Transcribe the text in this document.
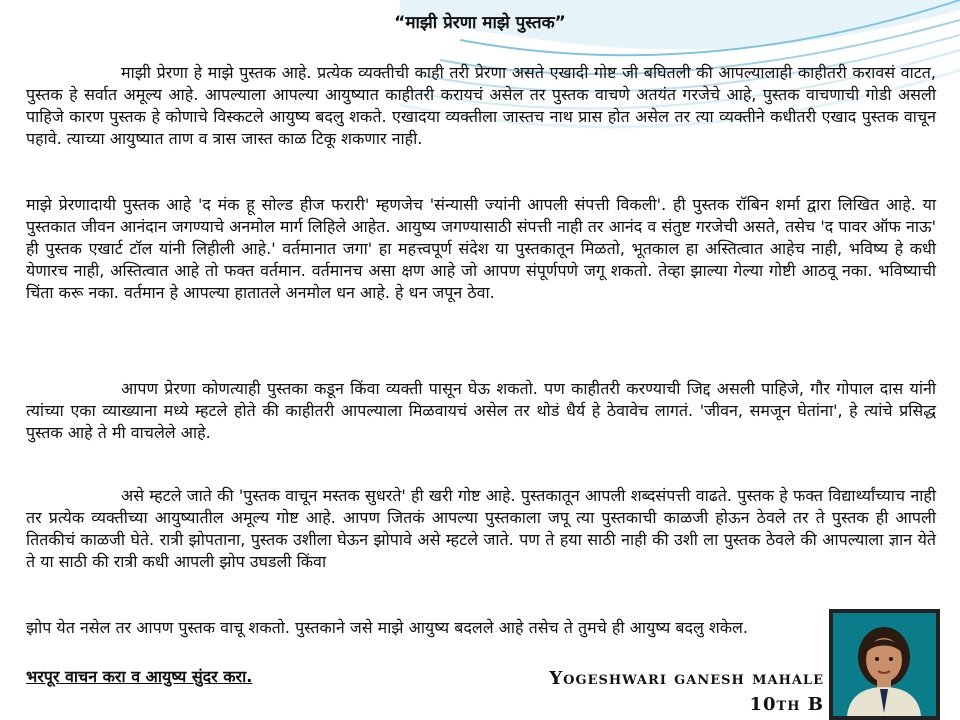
“माझी प्रेरणा माझे पुस्तक”

माझी प्रेरणा हे माझे पुस्तक आहे. प्रत्येक व्यक्तीची काही तरी प्रेरणा असते एखादी गोष्ट जी बघितली की आपल्यालाही काहीतरी करावसं वाटत, पुस्तक हे सर्वात अमूल्य आहे. आपल्याला आपल्या आयुष्यात काहीतरी करायचं असेल तर पुस्तक वाचणे अतयंत गरजेचे आहे, पुस्तक वाचणाची गोडी असली पाहिजे कारण पुस्तक हे कोणाचे विस्कटले आयुष्य बदलु शकते. एखादया व्यक्तीला जास्तच नाथ प्रास होत असेल तर त्या व्यक्तीने कधीतरी एखाद पुस्तक वाचून पहावे. त्याच्या आयुष्यात ताण व त्रास जास्त काळ टिकू शकणार नाही.

माझे प्रेरणादायी पुस्तक आहे 'द मंक हू सोल्ड हीज फरारी' म्हणजेच 'संन्यासी ज्यांनी आपली संपत्ती विकली'. ही पुस्तक रॉबिन शर्मा द्वारा लिखित आहे. या पुस्तकात जीवन आनंदान जगण्याचे अनमोल मार्ग लिहिले आहेत. आयुष्य जगण्यासाठी संपत्ती नाही तर आनंद व संतुष्ट गरजेची असते, तसेच 'द पावर ऑफ नाऊ' ही पुस्तक एखार्ट टॉल यांनी लिहीली आहे.' वर्तमानात जगा' हा महत्त्वपूर्ण संदेश या पुस्तकातून मिळतो, भूतकाल हा अस्तित्वात आहेच नाही, भविष्य हे कधी येणारच नाही, अस्तित्वात आहे तो फक्त वर्तमान. वर्तमानच असा क्षण आहे जो आपण संपूर्णपणे जगू शकतो. तेव्हा झाल्या गेल्या गोष्टी आठवू नका. भविष्याची चिंता करू नका. वर्तमान हे आपल्या हातातले अनमोल धन आहे. हे धन जपून ठेवा.

आपण प्रेरणा कोणत्याही पुस्तका कडून किंवा व्यक्ती पासून घेऊ शकतो. पण काहीतरी करण्याची जिद्द असली पाहिजे, गौर गोपाल दास यांनी त्यांच्या एका व्याख्याना मध्ये म्हटले होते की काहीतरी आपल्याला मिळवायचं असेल तर थोडं धैर्य हे ठेवावेच लागतं. 'जीवन, समजून घेतांना', हे त्यांचे प्रसिद्ध पुस्तक आहे ते मी वाचलेले आहे.

असे म्हटले जाते की 'पुस्तक वाचून मस्तक सुधरते' ही खरी गोष्ट आहे. पुस्तकातून आपली शब्दसंपत्ती वाढते. पुस्तक हे फक्त विद्यार्थ्यांच्याच नाही तर प्रत्येक व्यक्तीच्या आयुष्यातील अमूल्य गोष्ट आहे. आपण जितकं आपल्या पुस्तकाला जपू त्या पुस्तकाची काळजी होऊन ठेवले तर ते पुस्तक ही आपली तितकीचं काळजी घेते. रात्री झोपताना, पुस्तक उशीला घेऊन झोपावे असे म्हटले जाते. पण ते हया साठी नाही की उशी ला पुस्तक ठेवले की आपल्याला ज्ञान येते ते या साठी की रात्री कधी आपली झोप उघडली किंवा

झोप येत नसेल तर आपण पुस्तक वाचू शकतो. पुस्तकाने जसे माझे आयुष्य बदलले आहे तसेच ते तुमचे ही आयुष्य बदलु शकेल.

भरपूर वाचन करा व आयुष्य सुंदर करा.	Yogeshwari ganesh mahale
10th B
